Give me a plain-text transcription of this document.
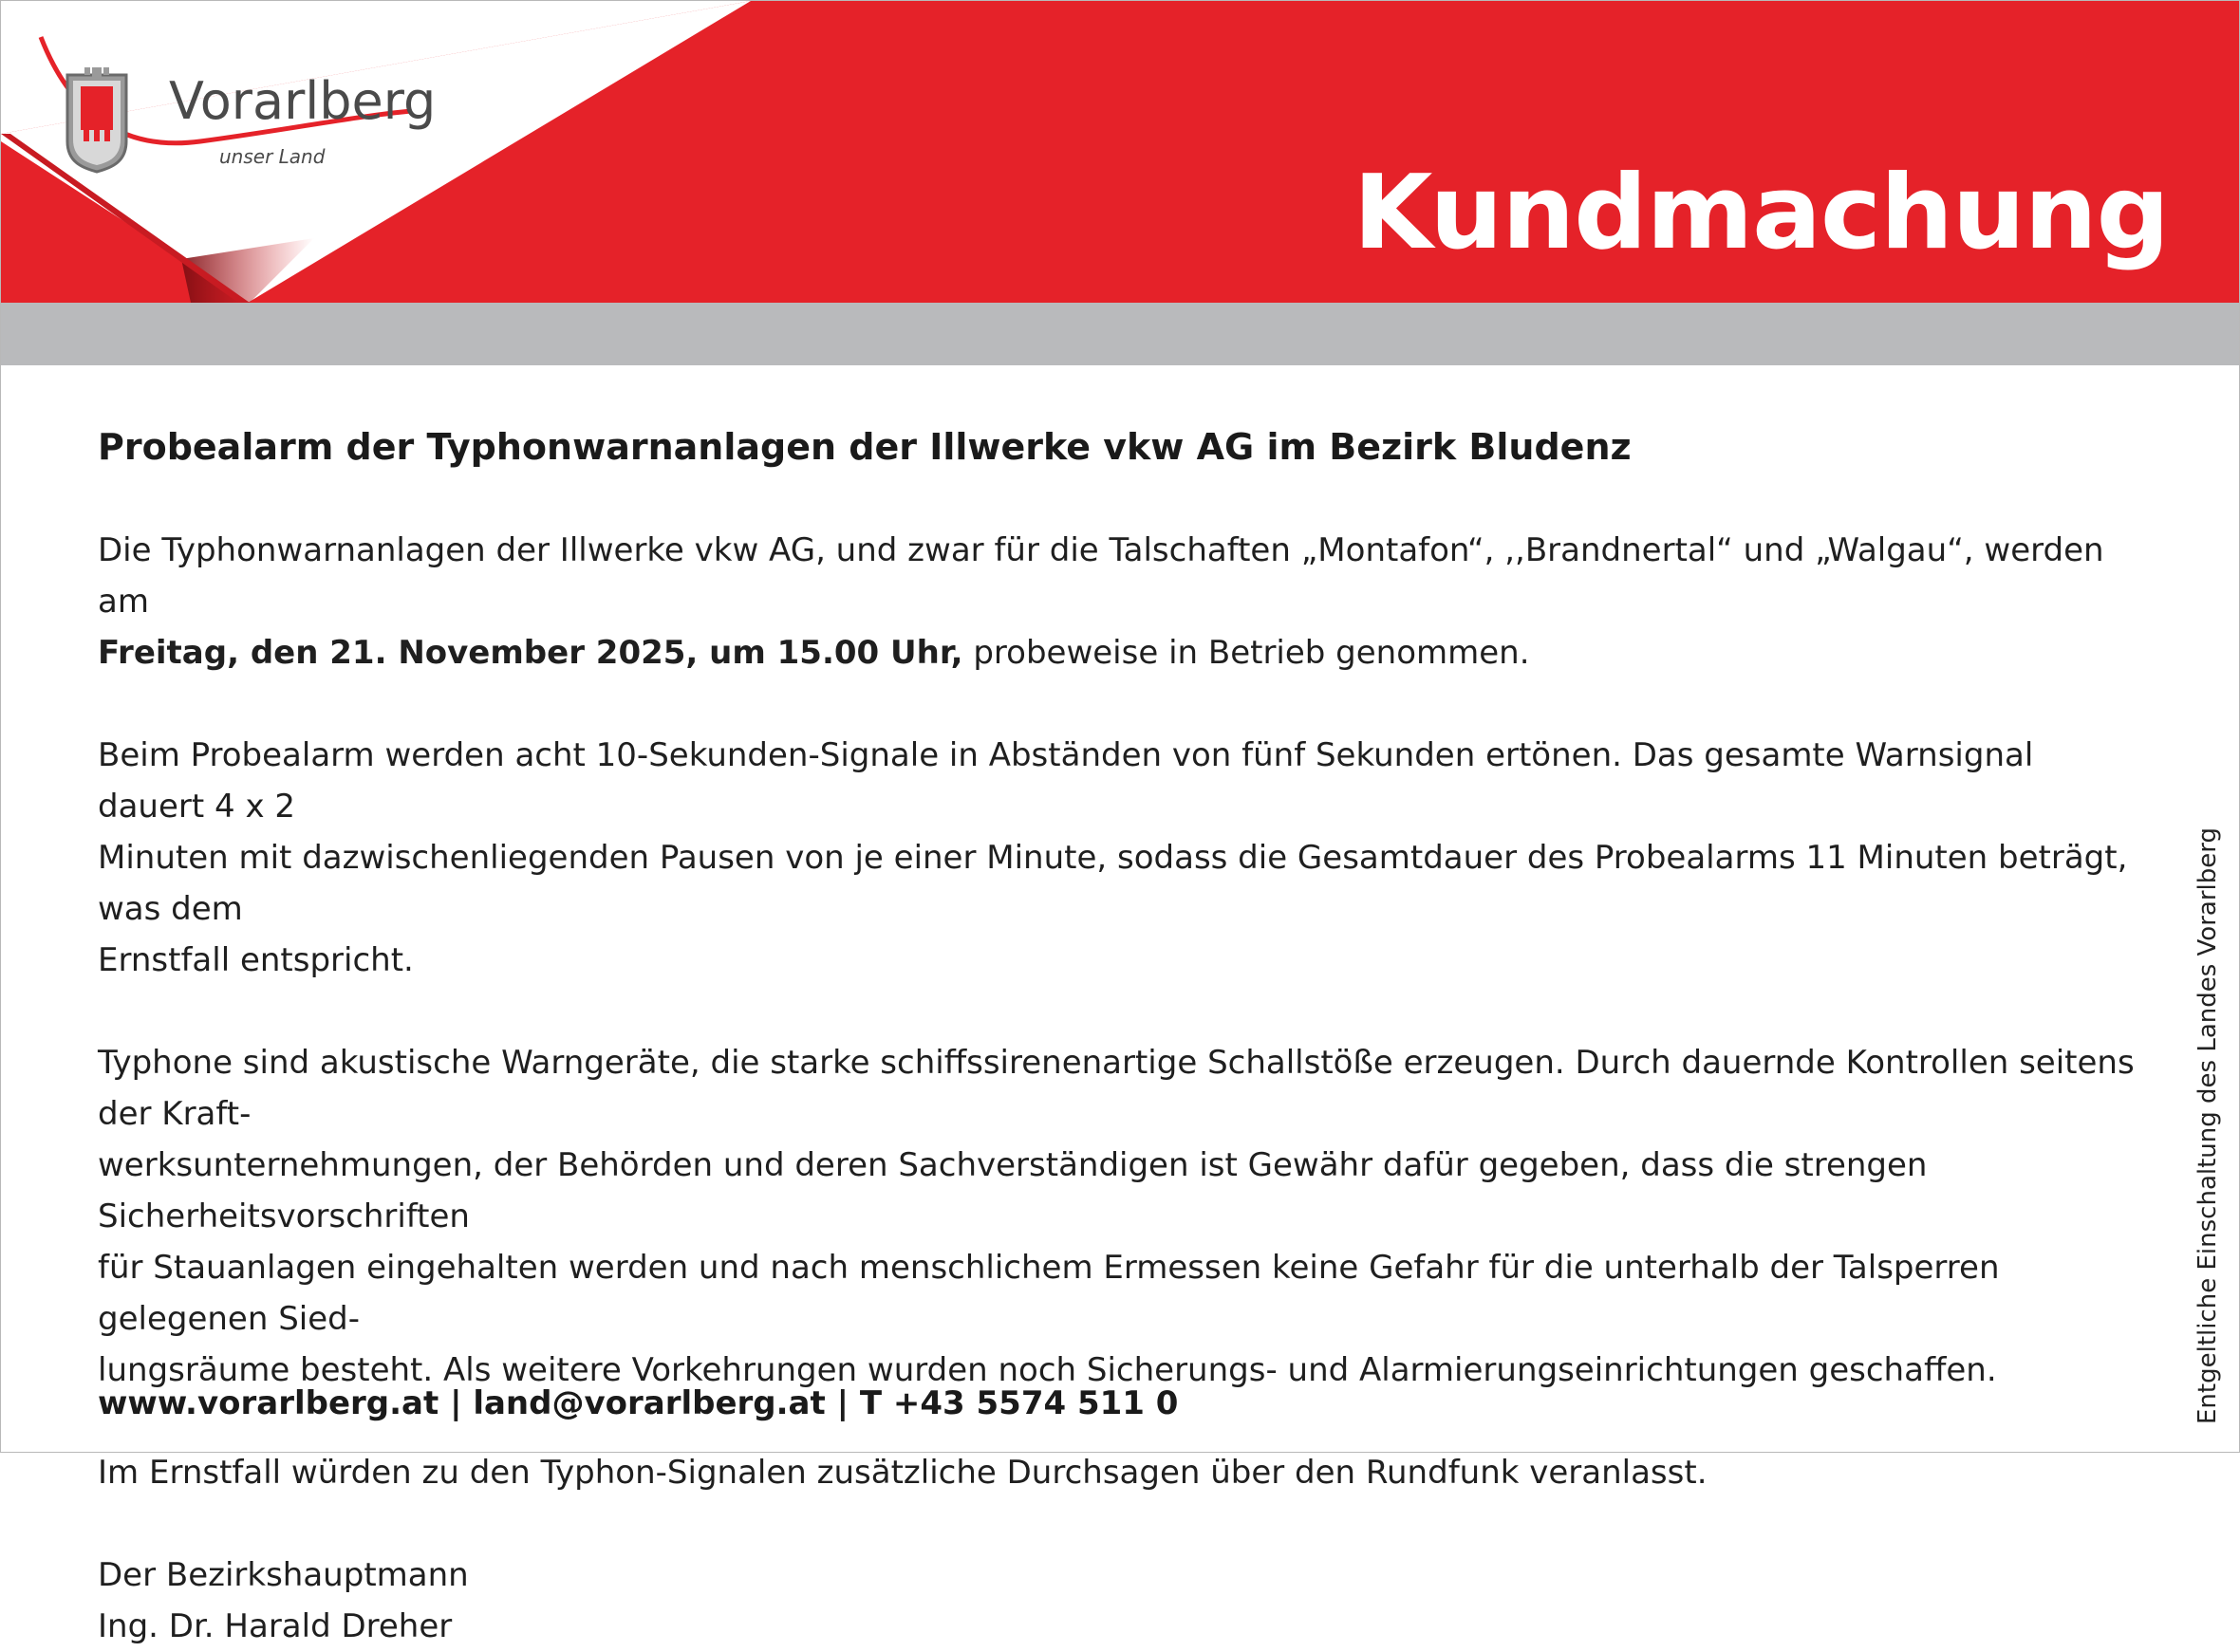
Vorarlberg
unser Land	Kundmachung
Probealarm der Typhonwarnanlagen der Illwerke vkw AG im Bezirk Bludenz

Die Typhonwarnanlagen der Illwerke vkw AG, und zwar für die Talschaften „Montafon“, ,,Brandnertal“ und „Walgau“, werden am
Freitag, den 21. November 2025, um 15.00 Uhr, probeweise in Betrieb genommen.

Beim Probealarm werden acht 10-Sekunden-Signale in Abständen von fünf Sekunden ertönen. Das gesamte Warnsignal dauert 4 x 2
Minuten mit dazwischenliegenden Pausen von je einer Minute, sodass die Gesamtdauer des Probealarms 11 Minuten beträgt, was dem
Ernstfall entspricht.

Typhone sind akustische Warngeräte, die starke schiffssirenenartige Schallstöße erzeugen. Durch dauernde Kontrollen seitens der Kraft-
werksunternehmungen, der Behörden und deren Sachverständigen ist Gewähr dafür gegeben, dass die strengen Sicherheitsvorschriften
für Stauanlagen eingehalten werden und nach menschlichem Ermessen keine Gefahr für die unterhalb der Talsperren gelegenen Sied-
lungsräume besteht. Als weitere Vorkehrungen wurden noch Sicherungs- und Alarmierungseinrichtungen geschaffen.

Im Ernstfall würden zu den Typhon-Signalen zusätzliche Durchsagen über den Rundfunk veranlasst.

Der Bezirkshauptmann
Ing. Dr. Harald Dreher

www.vorarlberg.at | land@vorarlberg.at | T +43 5574 511 0	Entgeltliche Einschaltung des Landes Vorarlberg
